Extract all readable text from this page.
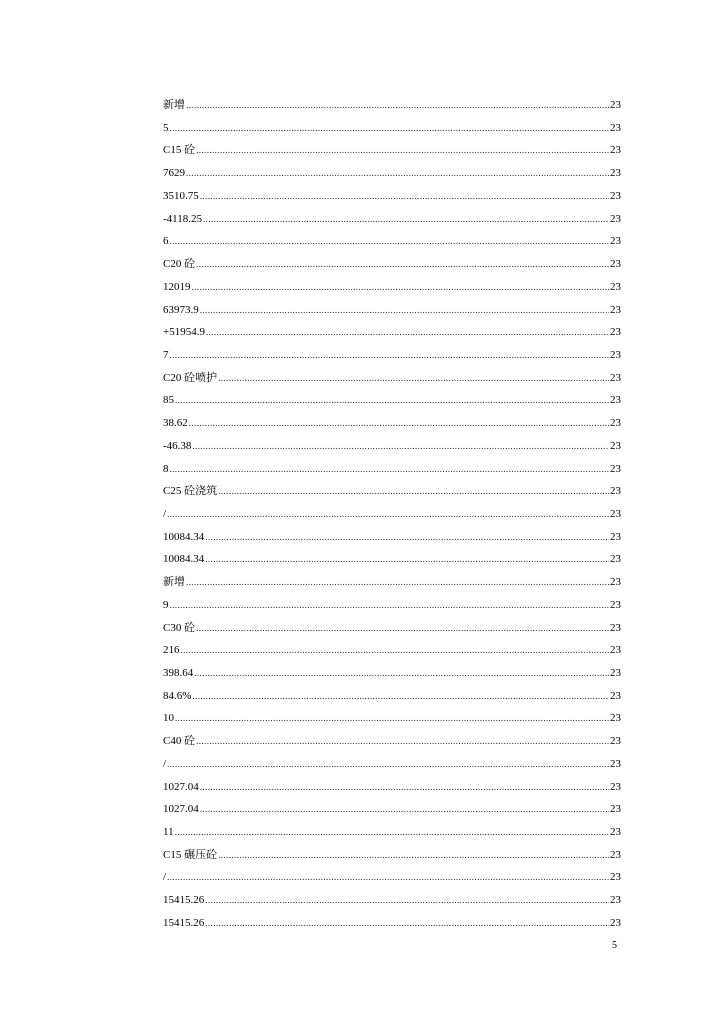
新增 .....	23
5 .....	23
C15 砼 .....	23
7629 .....	23
3510.75 .....	23
-4118.25 .....	23
6 .....	23
C20 砼 .....	23
12019 .....	23
63973.9 .....	23
+51954.9 .....	23
7 .....	23
C20 砼喷护 .....	23
85 .....	23
38.62 .....	23
-46.38 .....	23
8 .....	23
C25 砼浇筑 .....	23
/ .....	23
10084.34 .....	23
10084.34 .....	23
新增 .....	23
9 .....	23
C30 砼 .....	23
216 .....	23
398.64 .....	23
84.6% .....	23
10 .....	23
C40 砼 .....	23
/ .....	23
1027.04 .....	23
1027.04 .....	23
11 .....	23
C15 碾压砼 .....	23
/ .....	23
15415.26 .....	23
15415.26 .....	23
5
